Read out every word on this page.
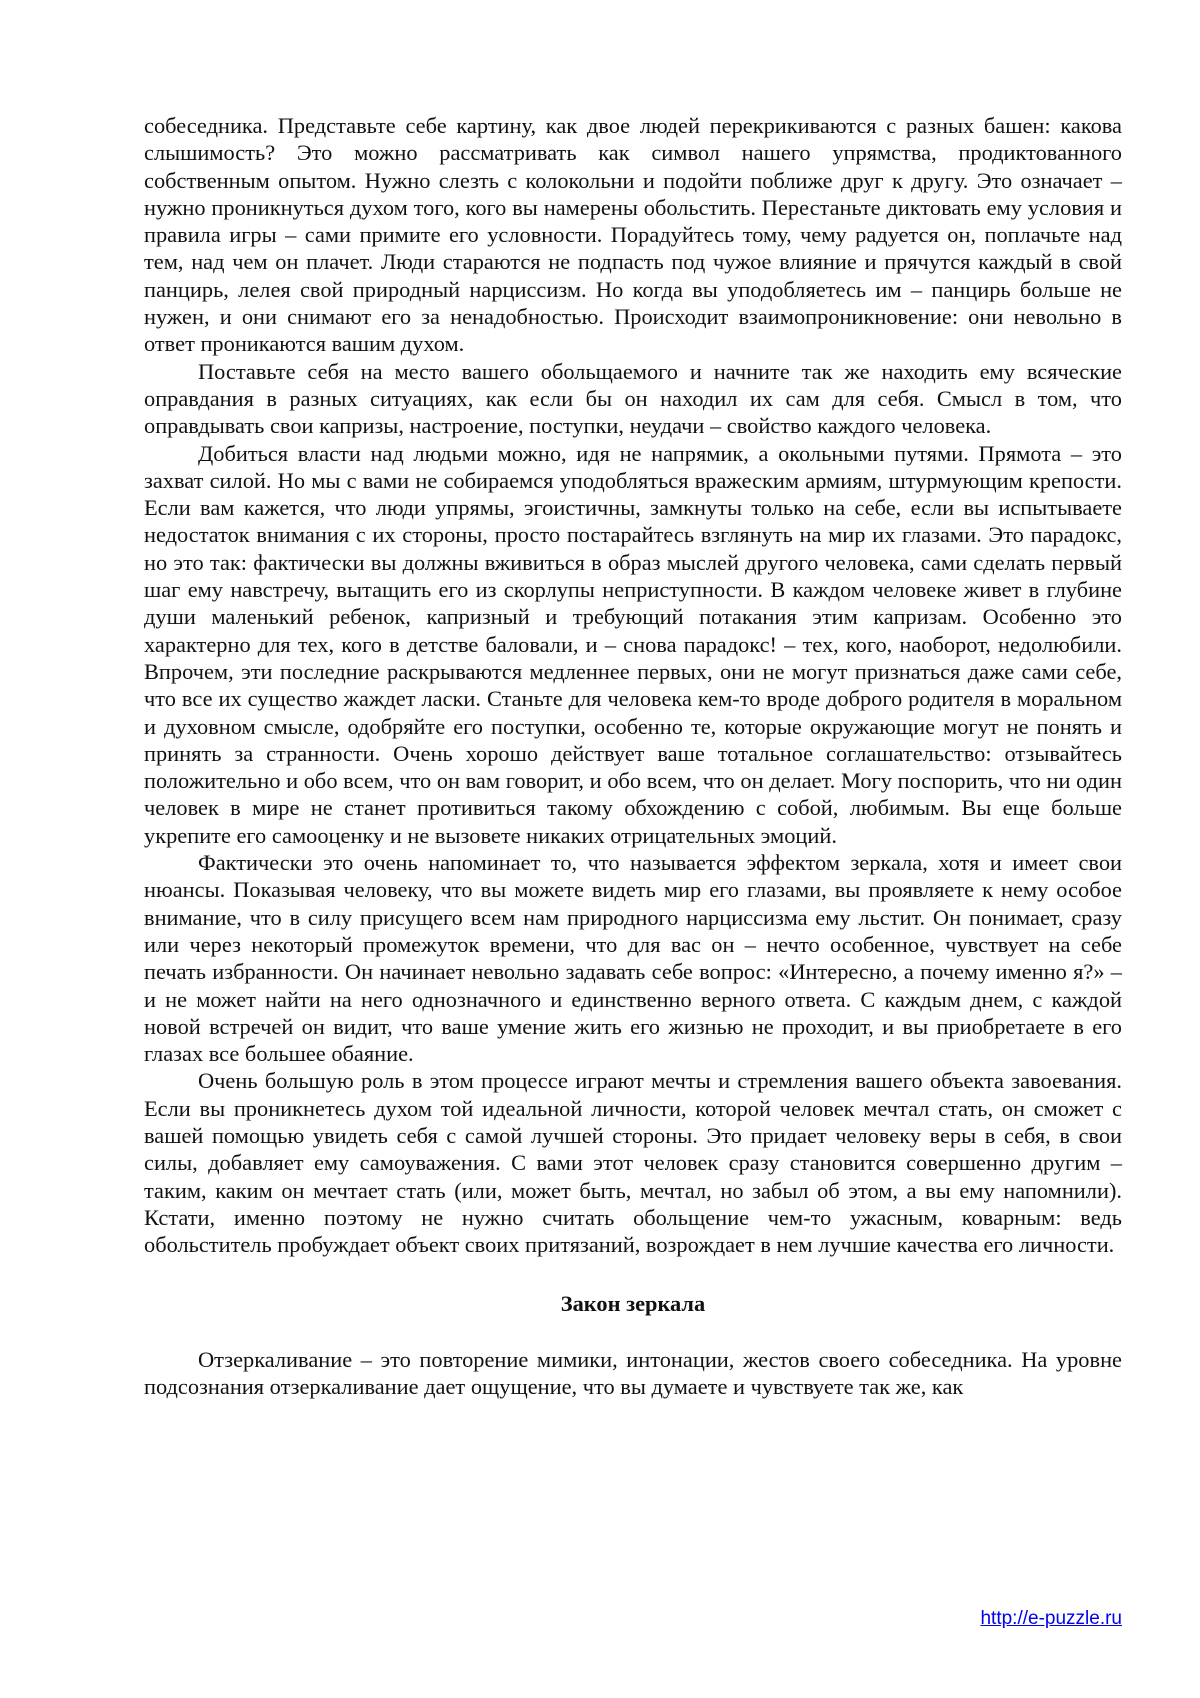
собеседника. Представьте себе картину, как двое людей перекрикиваются с разных башен: какова слышимость? Это можно рассматривать как символ нашего упрямства, продиктованного собственным опытом. Нужно слезть с колокольни и подойти поближе друг к другу. Это означает – нужно проникнуться духом того, кого вы намерены обольстить. Перестаньте диктовать ему условия и правила игры – сами примите его условности. Порадуйтесь тому, чему радуется он, поплачьте над тем, над чем он плачет. Люди стараются не подпасть под чужое влияние и прячутся каждый в свой панцирь, лелея свой природный нарциссизм. Но когда вы уподобляетесь им – панцирь больше не нужен, и они снимают его за ненадобностью. Происходит взаимопроникновение: они невольно в ответ проникаются вашим духом.

Поставьте себя на место вашего обольщаемого и начните так же находить ему всяческие оправдания в разных ситуациях, как если бы он находил их сам для себя. Смысл в том, что оправдывать свои капризы, настроение, поступки, неудачи – свойство каждого человека.

Добиться власти над людьми можно, идя не напрямик, а окольными путями. Прямота – это захват силой. Но мы с вами не собираемся уподобляться вражеским армиям, штурмующим крепости. Если вам кажется, что люди упрямы, эгоистичны, замкнуты только на себе, если вы испытываете недостаток внимания с их стороны, просто постарайтесь взглянуть на мир их глазами. Это парадокс, но это так: фактически вы должны вживиться в образ мыслей другого человека, сами сделать первый шаг ему навстречу, вытащить его из скорлупы неприступности. В каждом человеке живет в глубине души маленький ребенок, капризный и требующий потакания этим капризам. Особенно это характерно для тех, кого в детстве баловали, и – снова парадокс! – тех, кого, наоборот, недолюбили. Впрочем, эти последние раскрываются медленнее первых, они не могут признаться даже сами себе, что все их существо жаждет ласки. Станьте для человека кем-то вроде доброго родителя в моральном и духовном смысле, одобряйте его поступки, особенно те, которые окружающие могут не понять и принять за странности. Очень хорошо действует ваше тотальное соглашательство: отзывайтесь положительно и обо всем, что он вам говорит, и обо всем, что он делает. Могу поспорить, что ни один человек в мире не станет противиться такому обхождению с собой, любимым. Вы еще больше укрепите его самооценку и не вызовете никаких отрицательных эмоций.

Фактически это очень напоминает то, что называется эффектом зеркала, хотя и имеет свои нюансы. Показывая человеку, что вы можете видеть мир его глазами, вы проявляете к нему особое внимание, что в силу присущего всем нам природного нарциссизма ему льстит. Он понимает, сразу или через некоторый промежуток времени, что для вас он – нечто особенное, чувствует на себе печать избранности. Он начинает невольно задавать себе вопрос: «Интересно, а почему именно я?» – и не может найти на него однозначного и единственно верного ответа. С каждым днем, с каждой новой встречей он видит, что ваше умение жить его жизнью не проходит, и вы приобретаете в его глазах все большее обаяние.

Очень большую роль в этом процессе играют мечты и стремления вашего объекта завоевания. Если вы проникнетесь духом той идеальной личности, которой человек мечтал стать, он сможет с вашей помощью увидеть себя с самой лучшей стороны. Это придает человеку веры в себя, в свои силы, добавляет ему самоуважения. С вами этот человек сразу становится совершенно другим – таким, каким он мечтает стать (или, может быть, мечтал, но забыл об этом, а вы ему напомнили). Кстати, именно поэтому не нужно считать обольщение чем-то ужасным, коварным: ведь обольститель пробуждает объект своих притязаний, возрождает в нем лучшие качества его личности.

Закон зеркала

Отзеркаливание – это повторение мимики, интонации, жестов своего собеседника. На уровне подсознания отзеркаливание дает ощущение, что вы думаете и чувствуете так же, как

http://e-puzzle.ru
